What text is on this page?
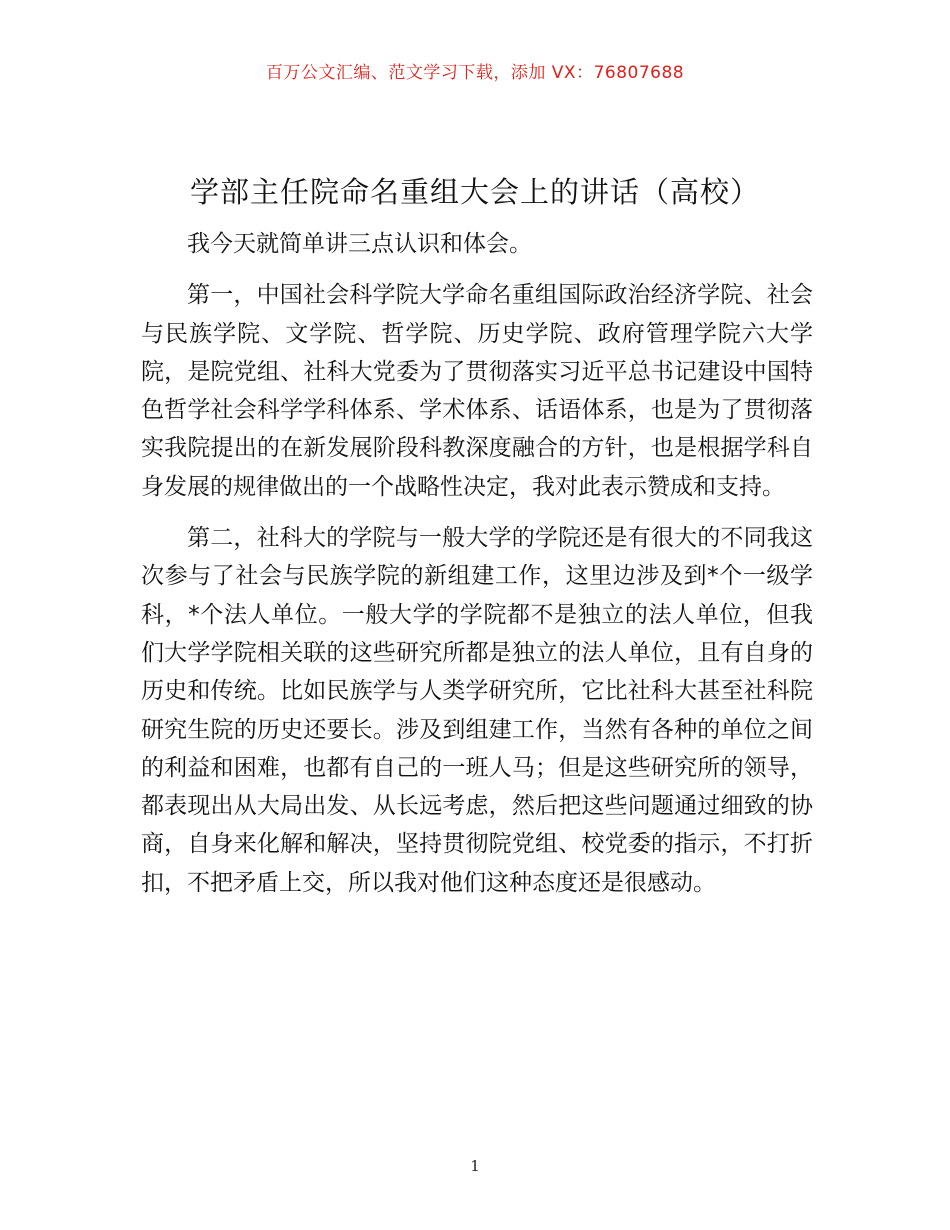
百万公文汇编、范文学习下载，添加 VX：76807688
学部主任院命名重组大会上的讲话（高校）

我今天就简单讲三点认识和体会。

第一，中国社会科学院大学命名重组国际政治经济学院、社会与民族学院、文学院、哲学院、历史学院、政府管理学院六大学院，是院党组、社科大党委为了贯彻落实习近平总书记建设中国特色哲学社会科学学科体系、学术体系、话语体系，也是为了贯彻落实我院提出的在新发展阶段科教深度融合的方针，也是根据学科自身发展的规律做出的一个战略性决定，我对此表示赞成和支持。

第二，社科大的学院与一般大学的学院还是有很大的不同我这次参与了社会与民族学院的新组建工作，这里边涉及到*个一级学科，*个法人单位。一般大学的学院都不是独立的法人单位，但我们大学学院相关联的这些研究所都是独立的法人单位，且有自身的历史和传统。比如民族学与人类学研究所，它比社科大甚至社科院研究生院的历史还要长。涉及到组建工作，当然有各种的单位之间的利益和困难，也都有自己的一班人马；但是这些研究所的领导，都表现出从大局出发、从长远考虑，然后把这些问题通过细致的协商，自身来化解和解决，坚持贯彻院党组、校党委的指示，不打折扣，不把矛盾上交，所以我对他们这种态度还是很感动。

1
